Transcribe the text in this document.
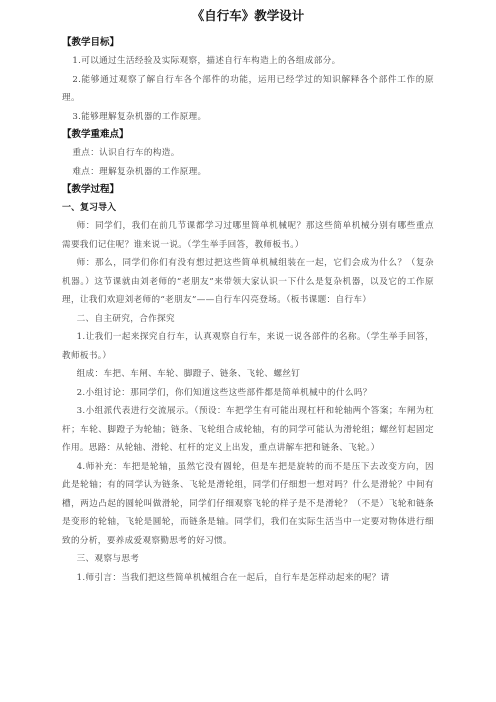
《自行车》教学设计
【教学目标】

1.可以通过生活经验及实际观察，描述自行车构造上的各组成部分。

2.能够通过观察了解自行车各个部件的功能，运用已经学过的知识解释各个部件工作的原理。

3.能够理解复杂机器的工作原理。

【教学重难点】

重点：认识自行车的构造。

难点：理解复杂机器的工作原理。

【教学过程】
一、复习导入

师：同学们，我们在前几节课都学习过哪里简单机械呢？那这些简单机械分别有哪些重点需要我们记住呢？谁来说一说。（学生举手回答，教师板书。）

师：那么，同学们你们有没有想过把这些简单机械组装在一起，它们会成为什么？（复杂机器。）这节课就由刘老师的“老朋友”来带领大家认识一下什么是复杂机器，以及它的工作原理，让我们欢迎刘老师的“老朋友”——自行车闪亮登场。（板书课题：自行车）

二、自主研究，合作探究

1.让我们一起来探究自行车，认真观察自行车，来说一说各部件的名称。（学生举手回答，教师板书。）

组成：车把、车闸、车轮、脚蹬子、链条、飞轮、螺丝钉

2.小组讨论：那同学们，你们知道这些这些部件都是简单机械中的什么吗？

3.小组派代表进行交流展示。（预设：车把学生有可能出现杠杆和轮轴两个答案；车闸为杠杆；车轮、脚蹬子为轮轴；链条、飞轮组合成轮轴，有的同学可能认为滑轮组；螺丝钉起固定作用。思路：从轮轴、滑轮、杠杆的定义上出发，重点讲解车把和链条、飞轮。）

4.师补充：车把是轮轴，虽然它没有圆轮，但是车把是旋转的而不是压下去改变方向，因此是轮轴；有的同学认为链条、飞轮是滑轮组，同学们仔细想一想对吗？什么是滑轮？中间有槽，两边凸起的圆轮叫做滑轮，同学们仔细观察飞轮的样子是不是滑轮？（不是）飞轮和链条是变形的轮轴，飞轮是圆轮，而链条是轴。同学们，我们在实际生活当中一定要对物体进行细致的分析，要养成爱观察勤思考的好习惯。

三、观察与思考

1.师引言：当我们把这些简单机械组合在一起后，自行车是怎样动起来的呢？请
